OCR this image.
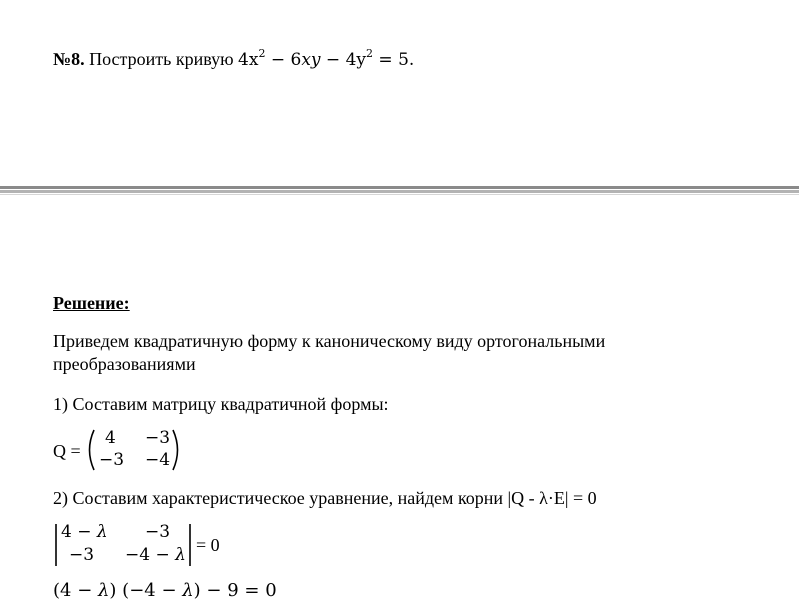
№8. Построить кривую $4x^2 - 6xy - 4y^2 = 5$.
Решение:
Приведем квадратичную форму к каноническому виду ортогональными
преобразованиями
1) Составим матрицу квадратичной формы:
Q =
4 −3
−3 −4
2) Составим характеристическое уравнение, найдем корни |Q - λ·E| = 0
4 − λ −3
−3 −4 − λ = 0
(4 − λ) (−4 − λ) − 9 = 0
